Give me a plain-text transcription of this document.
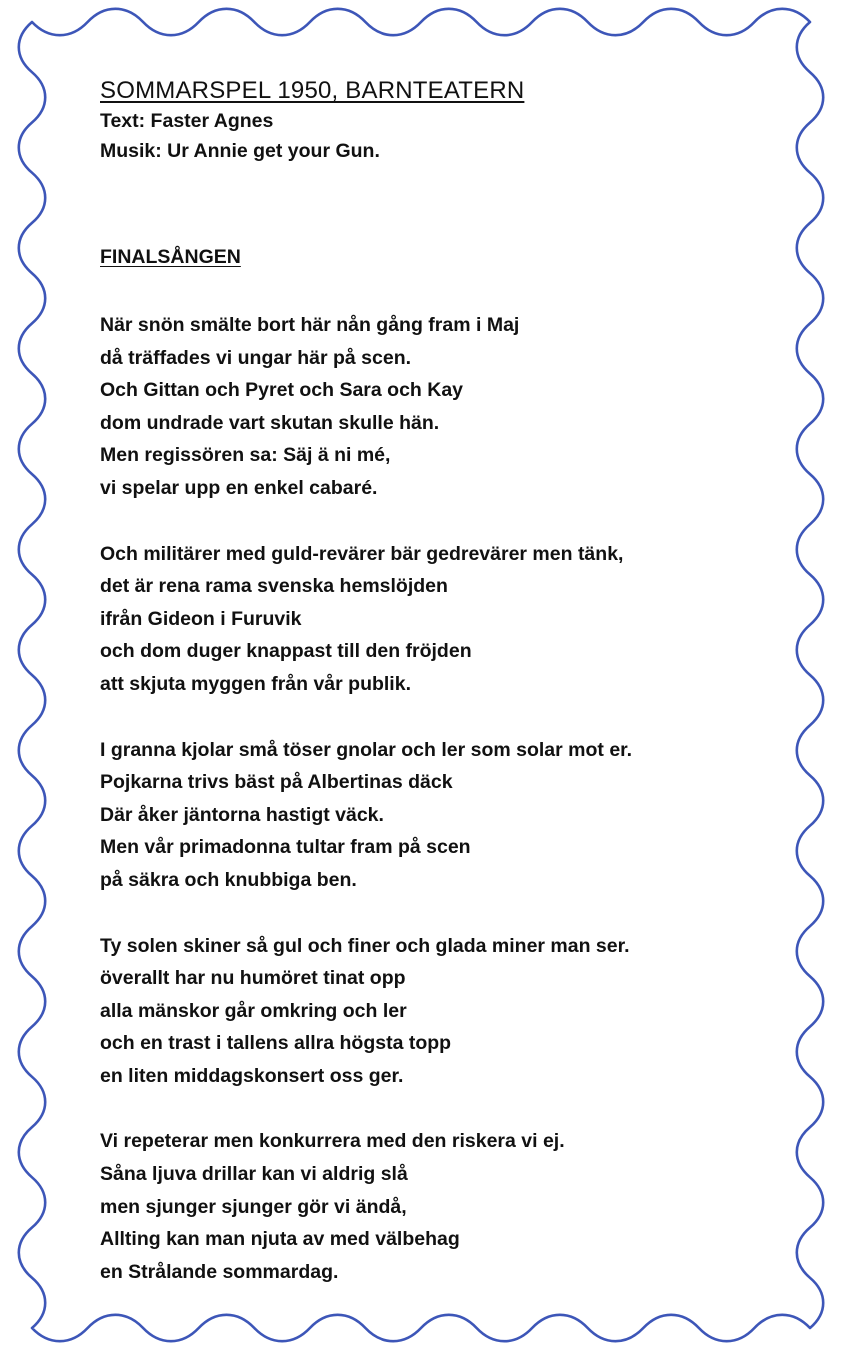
SOMMARSPEL 1950, BARNTEATERN

Text: Faster Agnes

Musik: Ur Annie get your Gun.

FINALSÅNGEN
När snön smälte bort här nån gång fram i Maj
då träffades vi ungar här på scen.
Och Gittan och Pyret och Sara och Kay
dom undrade vart skutan skulle hän.
Men regissören sa: Säj ä ni mé,
vi spelar upp en enkel cabaré.
Och militärer med guld-revärer bär gedrevärer men tänk,
det är rena rama svenska hemslöjden
ifrån Gideon i Furuvik
och dom duger knappast till den fröjden
att skjuta myggen från vår publik.
I granna kjolar små töser gnolar och ler som solar mot er.
Pojkarna trivs bäst på Albertinas däck
Där åker jäntorna hastigt väck.
Men vår primadonna tultar fram på scen
på säkra och knubbiga ben.
Ty solen skiner så gul och finer och glada miner man ser.
överallt har nu humöret tinat opp
alla mänskor går omkring och ler
och en trast i tallens allra högsta topp
en liten middagskonsert oss ger.
Vi repeterar men konkurrera med den riskera vi ej.
Såna ljuva drillar kan vi aldrig slå
men sjunger sjunger gör vi ändå,
Allting kan man njuta av med välbehag
en Strålande sommardag.
